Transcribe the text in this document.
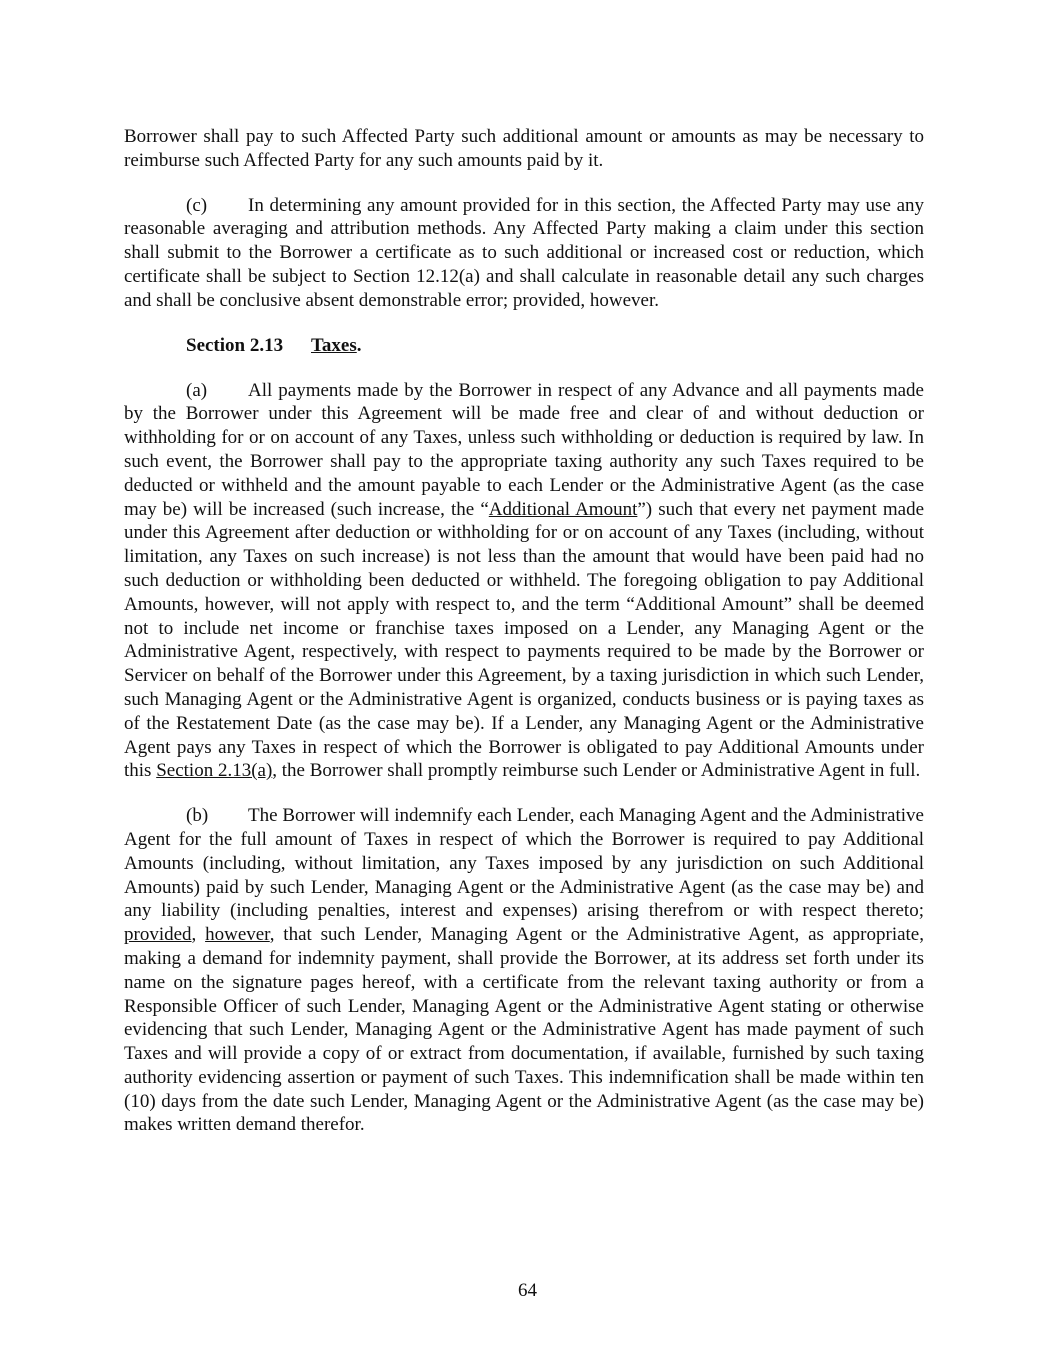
Borrower shall pay to such Affected Party such additional amount or amounts as may be necessary to reimburse such Affected Party for any such amounts paid by it.

(c) In determining any amount provided for in this section, the Affected Party may use any reasonable averaging and attribution methods. Any Affected Party making a claim under this section shall submit to the Borrower a certificate as to such additional or increased cost or reduction, which certificate shall be subject to Section 12.12(a) and shall calculate in reasonable detail any such charges and shall be conclusive absent demonstrable error; provided, however.

Section 2.13 Taxes.

(a) All payments made by the Borrower in respect of any Advance and all payments made by the Borrower under this Agreement will be made free and clear of and without deduction or withholding for or on account of any Taxes, unless such withholding or deduction is required by law. In such event, the Borrower shall pay to the appropriate taxing authority any such Taxes required to be deducted or withheld and the amount payable to each Lender or the Administrative Agent (as the case may be) will be increased (such increase, the “Additional Amount”) such that every net payment made under this Agreement after deduction or withholding for or on account of any Taxes (including, without limitation, any Taxes on such increase) is not less than the amount that would have been paid had no such deduction or withholding been deducted or withheld. The foregoing obligation to pay Additional Amounts, however, will not apply with respect to, and the term “Additional Amount” shall be deemed not to include net income or franchise taxes imposed on a Lender, any Managing Agent or the Administrative Agent, respectively, with respect to payments required to be made by the Borrower or Servicer on behalf of the Borrower under this Agreement, by a taxing jurisdiction in which such Lender, such Managing Agent or the Administrative Agent is organized, conducts business or is paying taxes as of the Restatement Date (as the case may be). If a Lender, any Managing Agent or the Administrative Agent pays any Taxes in respect of which the Borrower is obligated to pay Additional Amounts under this Section 2.13(a), the Borrower shall promptly reimburse such Lender or Administrative Agent in full.

(b) The Borrower will indemnify each Lender, each Managing Agent and the Administrative Agent for the full amount of Taxes in respect of which the Borrower is required to pay Additional Amounts (including, without limitation, any Taxes imposed by any jurisdiction on such Additional Amounts) paid by such Lender, Managing Agent or the Administrative Agent (as the case may be) and any liability (including penalties, interest and expenses) arising therefrom or with respect thereto; provided, however, that such Lender, Managing Agent or the Administrative Agent, as appropriate, making a demand for indemnity payment, shall provide the Borrower, at its address set forth under its name on the signature pages hereof, with a certificate from the relevant taxing authority or from a Responsible Officer of such Lender, Managing Agent or the Administrative Agent stating or otherwise evidencing that such Lender, Managing Agent or the Administrative Agent has made payment of such Taxes and will provide a copy of or extract from documentation, if available, furnished by such taxing authority evidencing assertion or payment of such Taxes. This indemnification shall be made within ten (10) days from the date such Lender, Managing Agent or the Administrative Agent (as the case may be) makes written demand therefor.

64
